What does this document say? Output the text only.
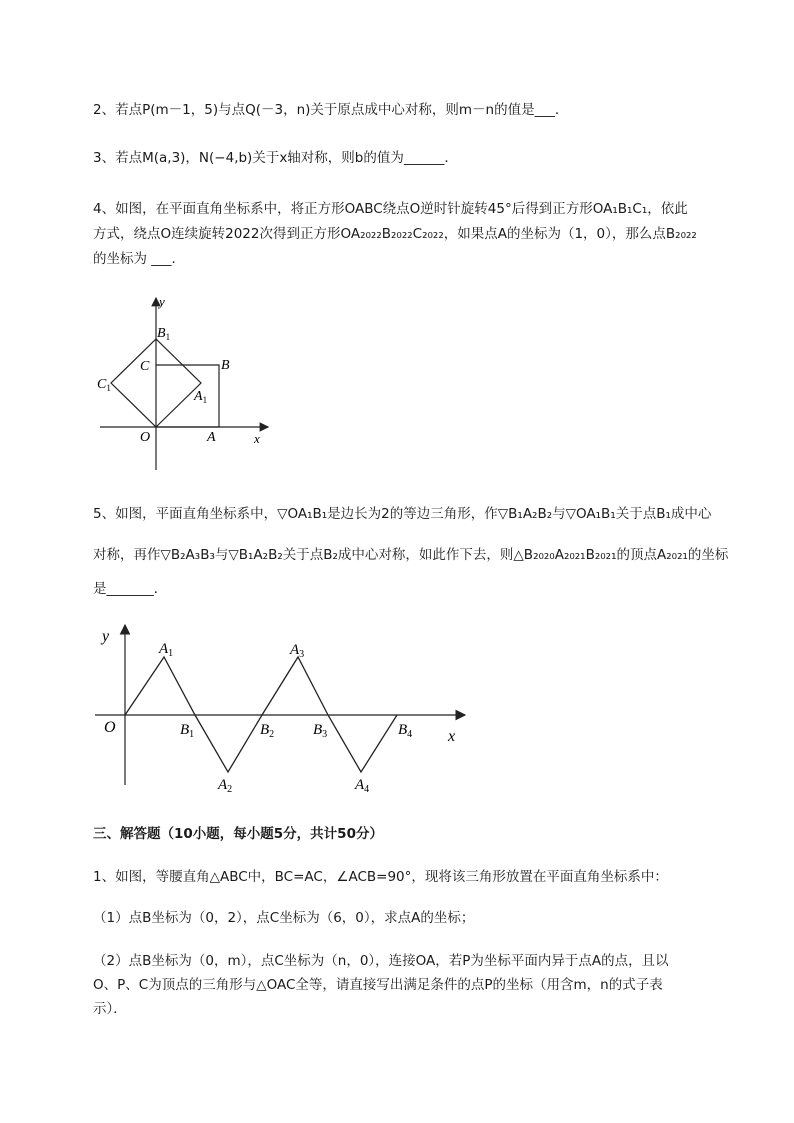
2、若点P(m－1，5)与点Q(－3，n)关于原点成中心对称，则m－n的值是___．

3、若点M(a,3)，N(−4,b)关于x轴对称，则b的值为______．

4、如图，在平面直角坐标系中，将正方形OABC绕点O逆时针旋转45°后得到正方形OA₁B₁C₁，依此

方式，绕点O连续旋转2022次得到正方形OA₂₀₂₂B₂₀₂₂C₂₀₂₂，如果点A的坐标为（1，0），那么点B₂₀₂₂

的坐标为 ___．

y
x
O	A
B
C
$B_1$
$C_1$
$A_1$

5、如图，平面直角坐标系中，▽OA₁B₁是边长为2的等边三角形，作▽B₁A₂B₂与▽OA₁B₁关于点B₁成中心

对称，再作▽B₂A₃B₃与▽B₁A₂B₂关于点B₂成中心对称，如此作下去，则△B₂₀₂₀A₂₀₂₁B₂₀₂₁的顶点A₂₀₂₁的坐标

是_______．

y
x
O
$A_1$	$A_3$
$A_2$	$A_4$
$B_1$	$B_2$	$B_3$	$B_4$

三、解答题（10小题，每小题5分，共计50分）

1、如图，等腰直角△ABC中，BC=AC，∠ACB=90°，现将该三角形放置在平面直角坐标系中：

（1）点B坐标为（0，2），点C坐标为（6，0），求点A的坐标；

（2）点B坐标为（0，m），点C坐标为（n，0），连接OA，若P为坐标平面内异于点A的点，且以

O、P、C为顶点的三角形与△OAC全等，请直接写出满足条件的点P的坐标（用含m，n的式子表

示）．
